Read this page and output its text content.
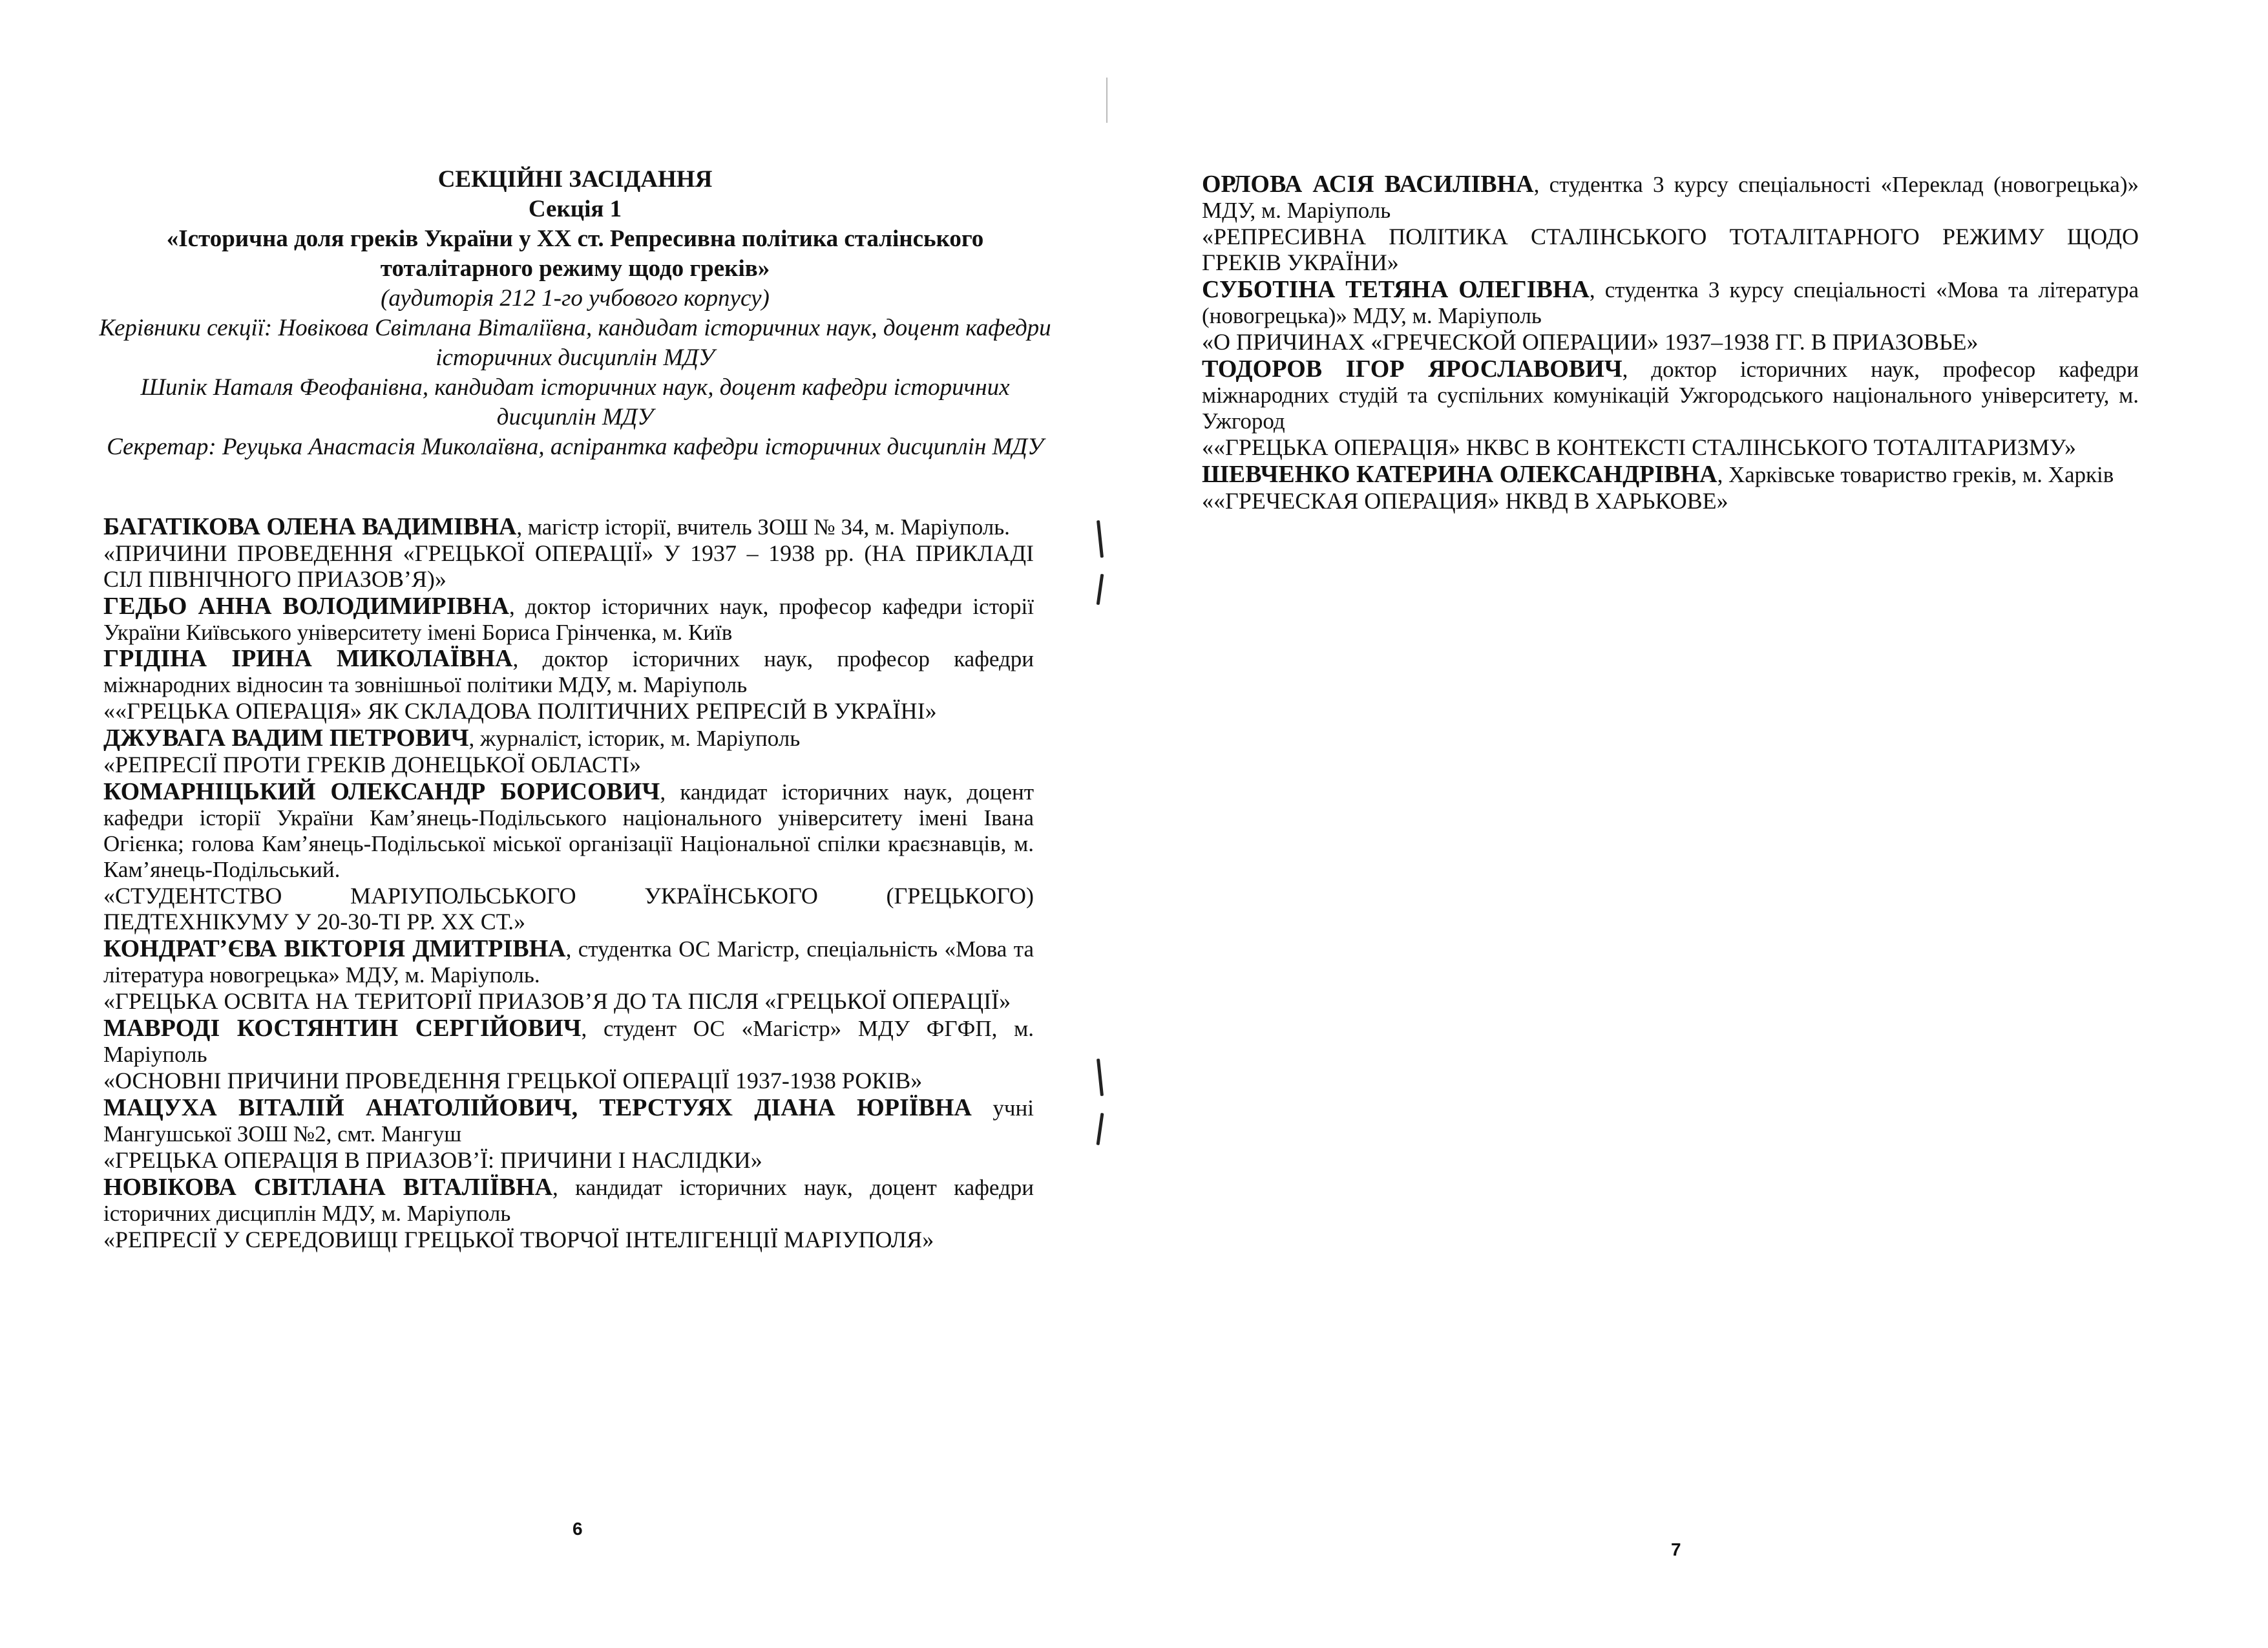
СЕКЦІЙНІ ЗАСІДАННЯ
Секція 1
«Історична доля греків України у ХХ ст. Репресивна політика сталінського тоталітарного режиму щодо греків»
(аудиторія 212 1-го учбового корпусу)
Керівники секції: Новікова Світлана Віталіївна, кандидат історичних наук, доцент кафедри історичних дисциплін МДУ
Шипік Наталя Феофанівна, кандидат історичних наук, доцент кафедри історичних дисциплін МДУ
Секретар: Реуцька Анастасія Миколаївна, аспірантка кафедри історичних дисциплін МДУ

БАГАТІКОВА ОЛЕНА ВАДИМІВНА, магістр історії, вчитель ЗОШ № 34, м. Маріуполь.

«ПРИЧИНИ ПРОВЕДЕННЯ «ГРЕЦЬКОЇ ОПЕРАЦІЇ» У 1937 – 1938 рр. (НА ПРИКЛАДІ СІЛ ПІВНІЧНОГО ПРИАЗОВ’Я)»

ГЕДЬО АННА ВОЛОДИМИРІВНА, доктор історичних наук, професор кафедри історії України Київського університету імені Бориса Грінченка, м. Київ

ГРІДІНА ІРИНА МИКОЛАЇВНА, доктор історичних наук, професор кафедри міжнародних відносин та зовнішньої політики МДУ, м. Маріуполь

««ГРЕЦЬКА ОПЕРАЦІЯ» ЯК СКЛАДОВА ПОЛІТИЧНИХ РЕПРЕСІЙ В УКРАЇНІ»

ДЖУВАГА ВАДИМ ПЕТРОВИЧ, журналіст, історик, м. Маріуполь

«РЕПРЕСІЇ ПРОТИ ГРЕКІВ ДОНЕЦЬКОЇ ОБЛАСТІ»

КОМАРНІЦЬКИЙ ОЛЕКСАНДР БОРИСОВИЧ, кандидат історичних наук, доцент кафедри історії України Кам’янець-Подільського національного університету імені Івана Огієнка; голова Кам’янець-Подільської міської організації Національної спілки краєзнавців, м. Кам’янець-Подільський.

«СТУДЕНТСТВО МАРІУПОЛЬСЬКОГО УКРАЇНСЬКОГО (ГРЕЦЬКОГО) ПЕДТЕХНІКУМУ У 20-30-ТІ РР. ХХ СТ.»

КОНДРАТ’ЄВА ВІКТОРІЯ ДМИТРІВНА, студентка ОС Магістр, спеціальність «Мова та література новогрецька» МДУ, м. Маріуполь.

«ГРЕЦЬКА ОСВІТА НА ТЕРИТОРІЇ ПРИАЗОВ’Я ДО ТА ПІСЛЯ «ГРЕЦЬКОЇ ОПЕРАЦІЇ»

МАВРОДІ КОСТЯНТИН СЕРГІЙОВИЧ, студент ОС «Магістр» МДУ ФГФП, м. Маріуполь

«ОСНОВНІ ПРИЧИНИ ПРОВЕДЕННЯ ГРЕЦЬКОЇ ОПЕРАЦІЇ 1937-1938 РОКІВ»

МАЦУХА ВІТАЛІЙ АНАТОЛІЙОВИЧ, ТЕРСТУЯХ ДІАНА ЮРІЇВНА учні Мангушської ЗОШ №2, смт. Мангуш

«ГРЕЦЬКА ОПЕРАЦІЯ В ПРИАЗОВ’Ї: ПРИЧИНИ І НАСЛІДКИ»

НОВІКОВА СВІТЛАНА ВІТАЛІЇВНА, кандидат історичних наук, доцент кафедри історичних дисциплін МДУ, м. Маріуполь

«РЕПРЕСІЇ У СЕРЕДОВИЩІ ГРЕЦЬКОЇ ТВОРЧОЇ ІНТЕЛІГЕНЦІЇ МАРІУПОЛЯ»

6

ОРЛОВА АСІЯ ВАСИЛІВНА, студентка 3 курсу спеціальності «Переклад (новогрецька)» МДУ, м. Маріуполь

«РЕПРЕСИВНА ПОЛІТИКА СТАЛІНСЬКОГО ТОТАЛІТАРНОГО РЕЖИМУ ЩОДО ГРЕКІВ УКРАЇНИ»

СУБОТІНА ТЕТЯНА ОЛЕГІВНА, студентка 3 курсу спеціальності «Мова та література (новогрецька)» МДУ, м. Маріуполь

«О ПРИЧИНАХ «ГРЕЧЕСКОЙ ОПЕРАЦИИ» 1937–1938 ГГ. В ПРИАЗОВЬЕ»

ТОДОРОВ ІГОР ЯРОСЛАВОВИЧ, доктор історичних наук, професор кафедри міжнародних студій та суспільних комунікацій Ужгородського національного університету, м. Ужгород

««ГРЕЦЬКА ОПЕРАЦІЯ» НКВС В КОНТЕКСТІ СТАЛІНСЬКОГО ТОТАЛІТАРИЗМУ»

ШЕВЧЕНКО КАТЕРИНА ОЛЕКСАНДРІВНА, Харківське товариство греків, м. Харків

««ГРЕЧЕСКАЯ ОПЕРАЦИЯ» НКВД В ХАРЬКОВЕ»

7
